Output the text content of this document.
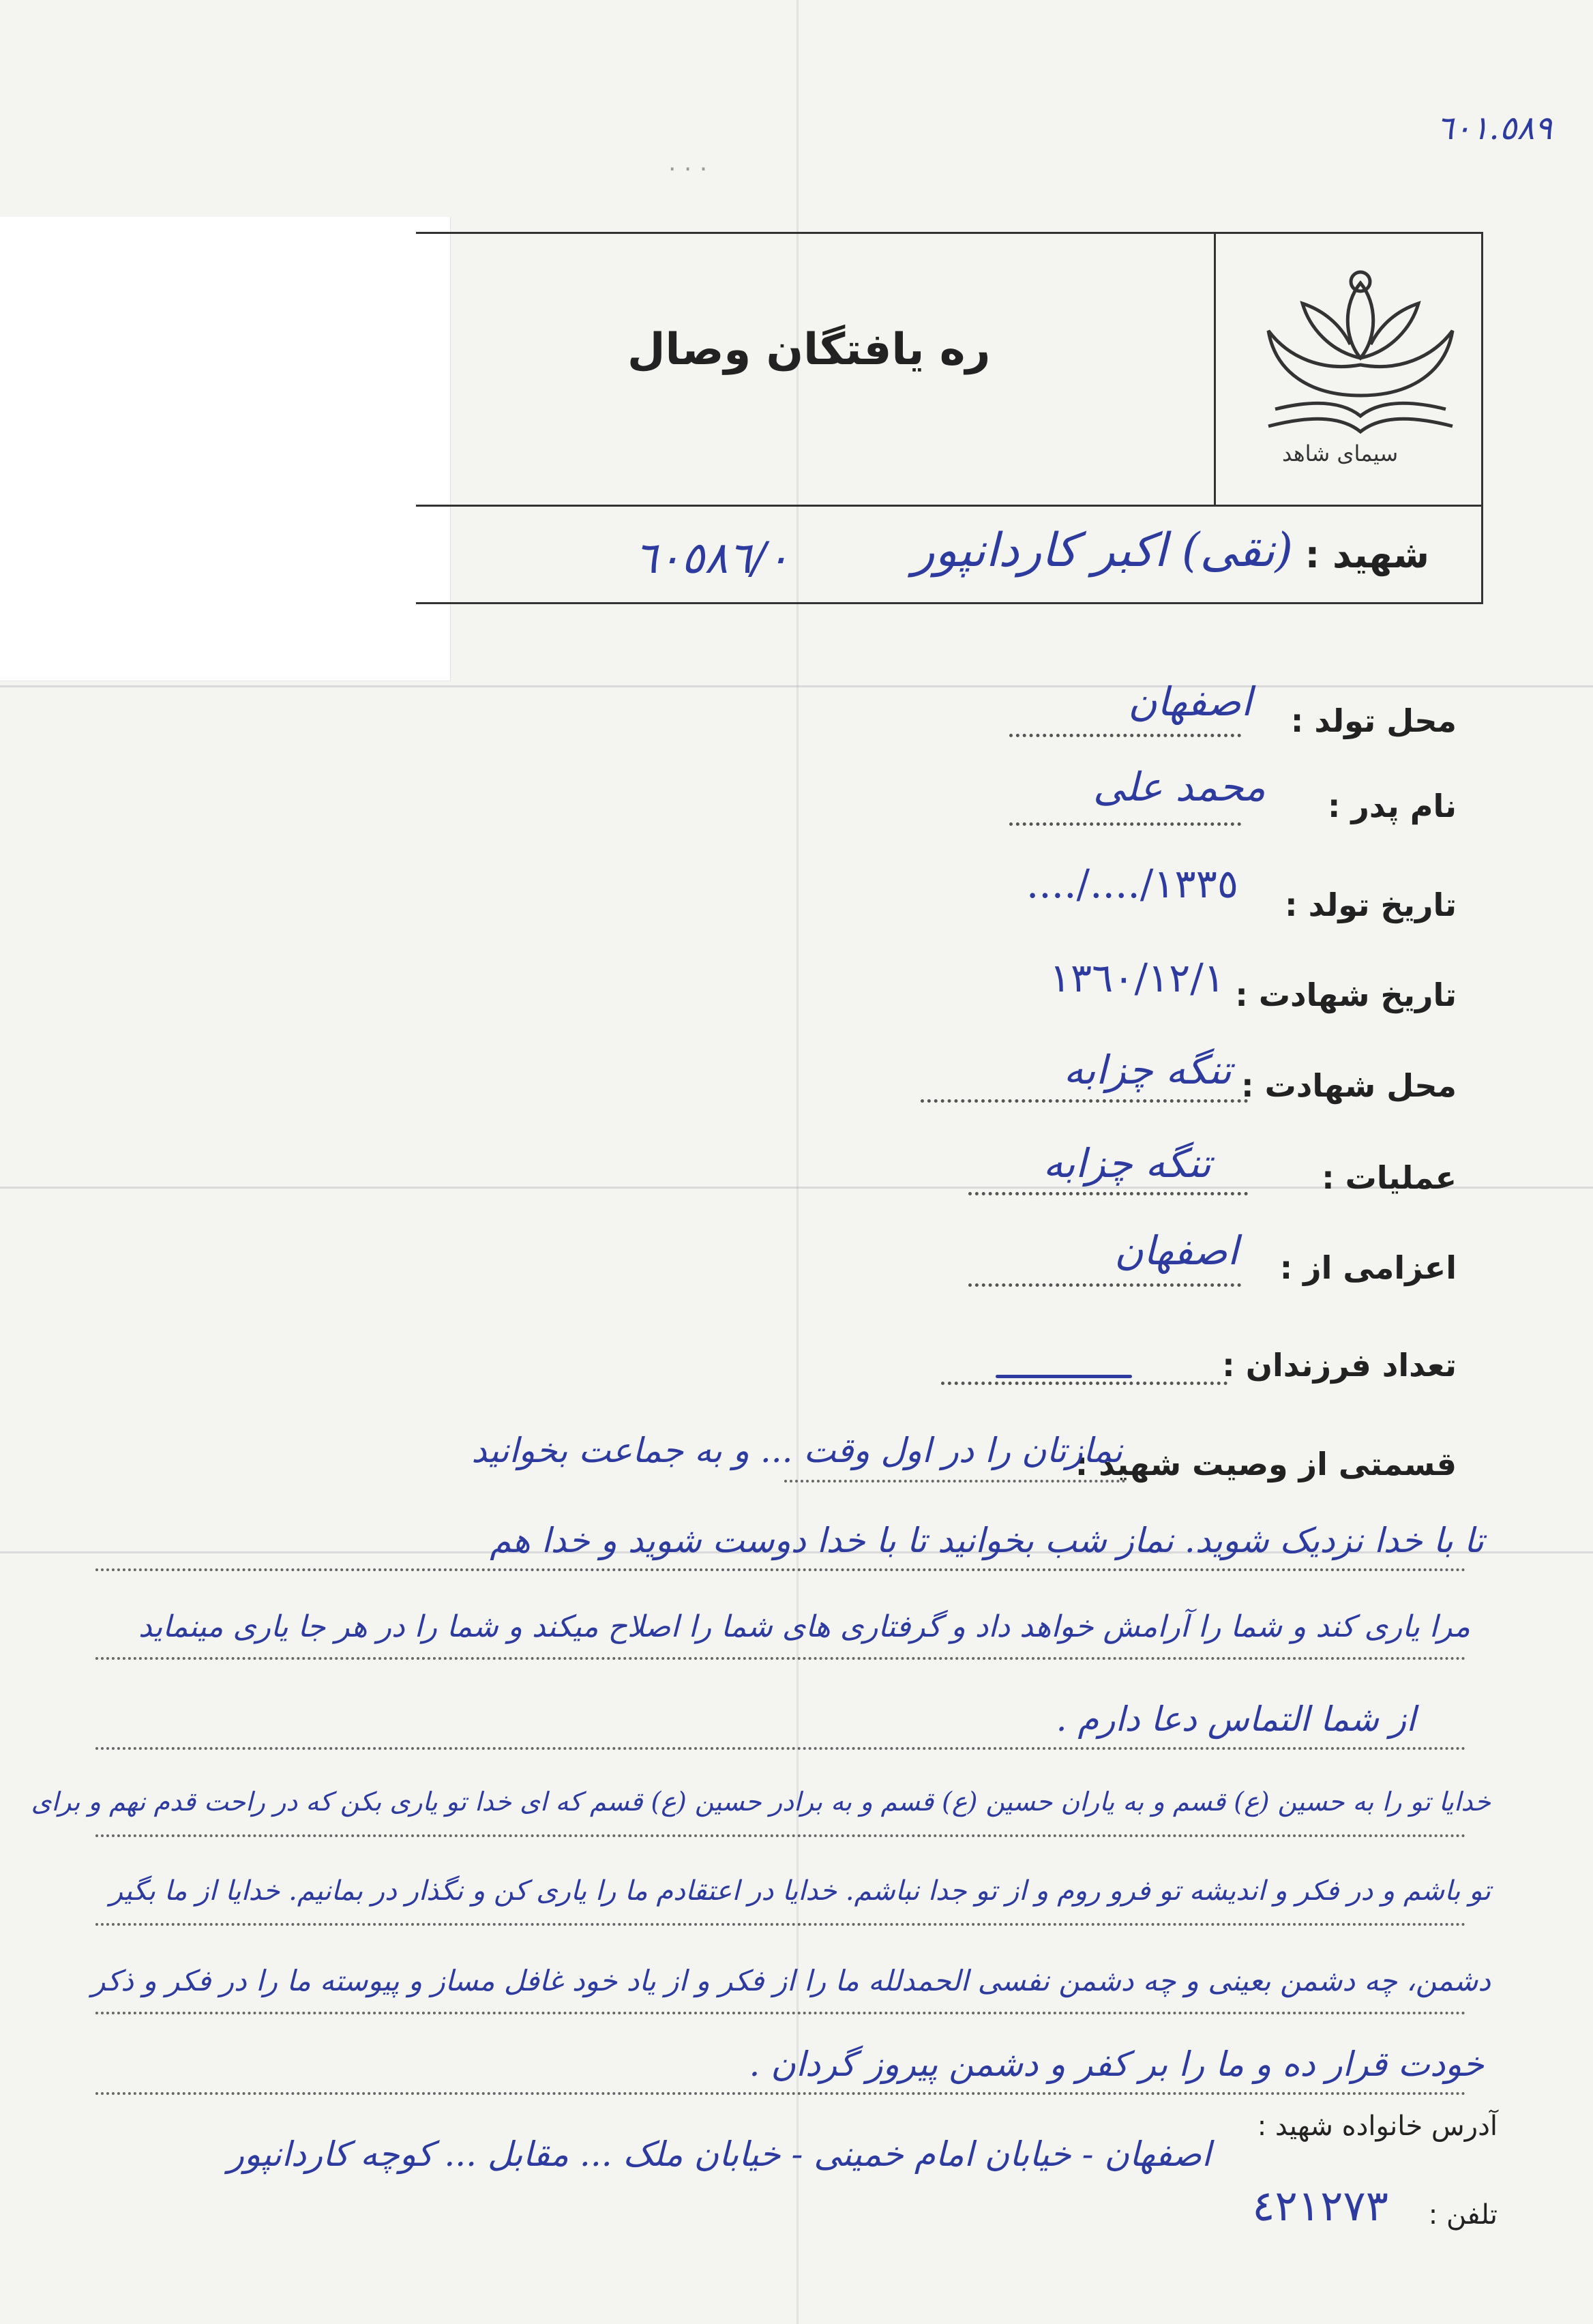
٦٠١.٥٨٩
. . .
ره یافتگان وصال
سیمای شاهد
شهید :
(نقی) اکبر کاردانپور
٦٠٥٨٦/٠
محل تولد :
اصفهان
نام پدر :
محمد علی
تاریخ تولد :
١٣٣٥/..../....
تاریخ شهادت :
١٣٦٠/١٢/١
محل شهادت :
تنگه چزابه
عملیات :
تنگه چزابه
اعزامی از :
اصفهان
تعداد فرزندان :
قسمتی از وصیت شهید :
نمازتان را در اول وقت ... و به جماعت بخوانید
تا با خدا نزدیک شوید. نماز شب بخوانید تا با خدا دوست شوید و خدا هم
مرا یاری کند و شما را آرامش خواهد داد و گرفتاری های شما را اصلاح میکند و شما را در هر جا یاری مینماید
از شما التماس دعا دارم .
خدایا تو را به حسین (ع) قسم و به یاران حسین (ع) قسم و به برادر حسین (ع) قسم که ای خدا تو یاری بکن که در راحت قدم نهم و برای
تو باشم و در فکر و اندیشه تو فرو روم و از تو جدا نباشم. خدایا در اعتقادم ما را یاری کن و نگذار در بمانیم. خدایا از ما بگیر
دشمن، چه دشمن بعینی و چه دشمن نفسی الحمدلله ما را از فکر و از یاد خود غافل مساز و پیوسته ما را در فکر و ذکر
خودت قرار ده و ما را بر کفر و دشمن پیروز گردان .
آدرس خانواده شهید :
اصفهان - خیابان امام خمینی - خیابان ملک ... مقابل ... کوچه کاردانپور
تلفن :
٤٢١٢٧٣
